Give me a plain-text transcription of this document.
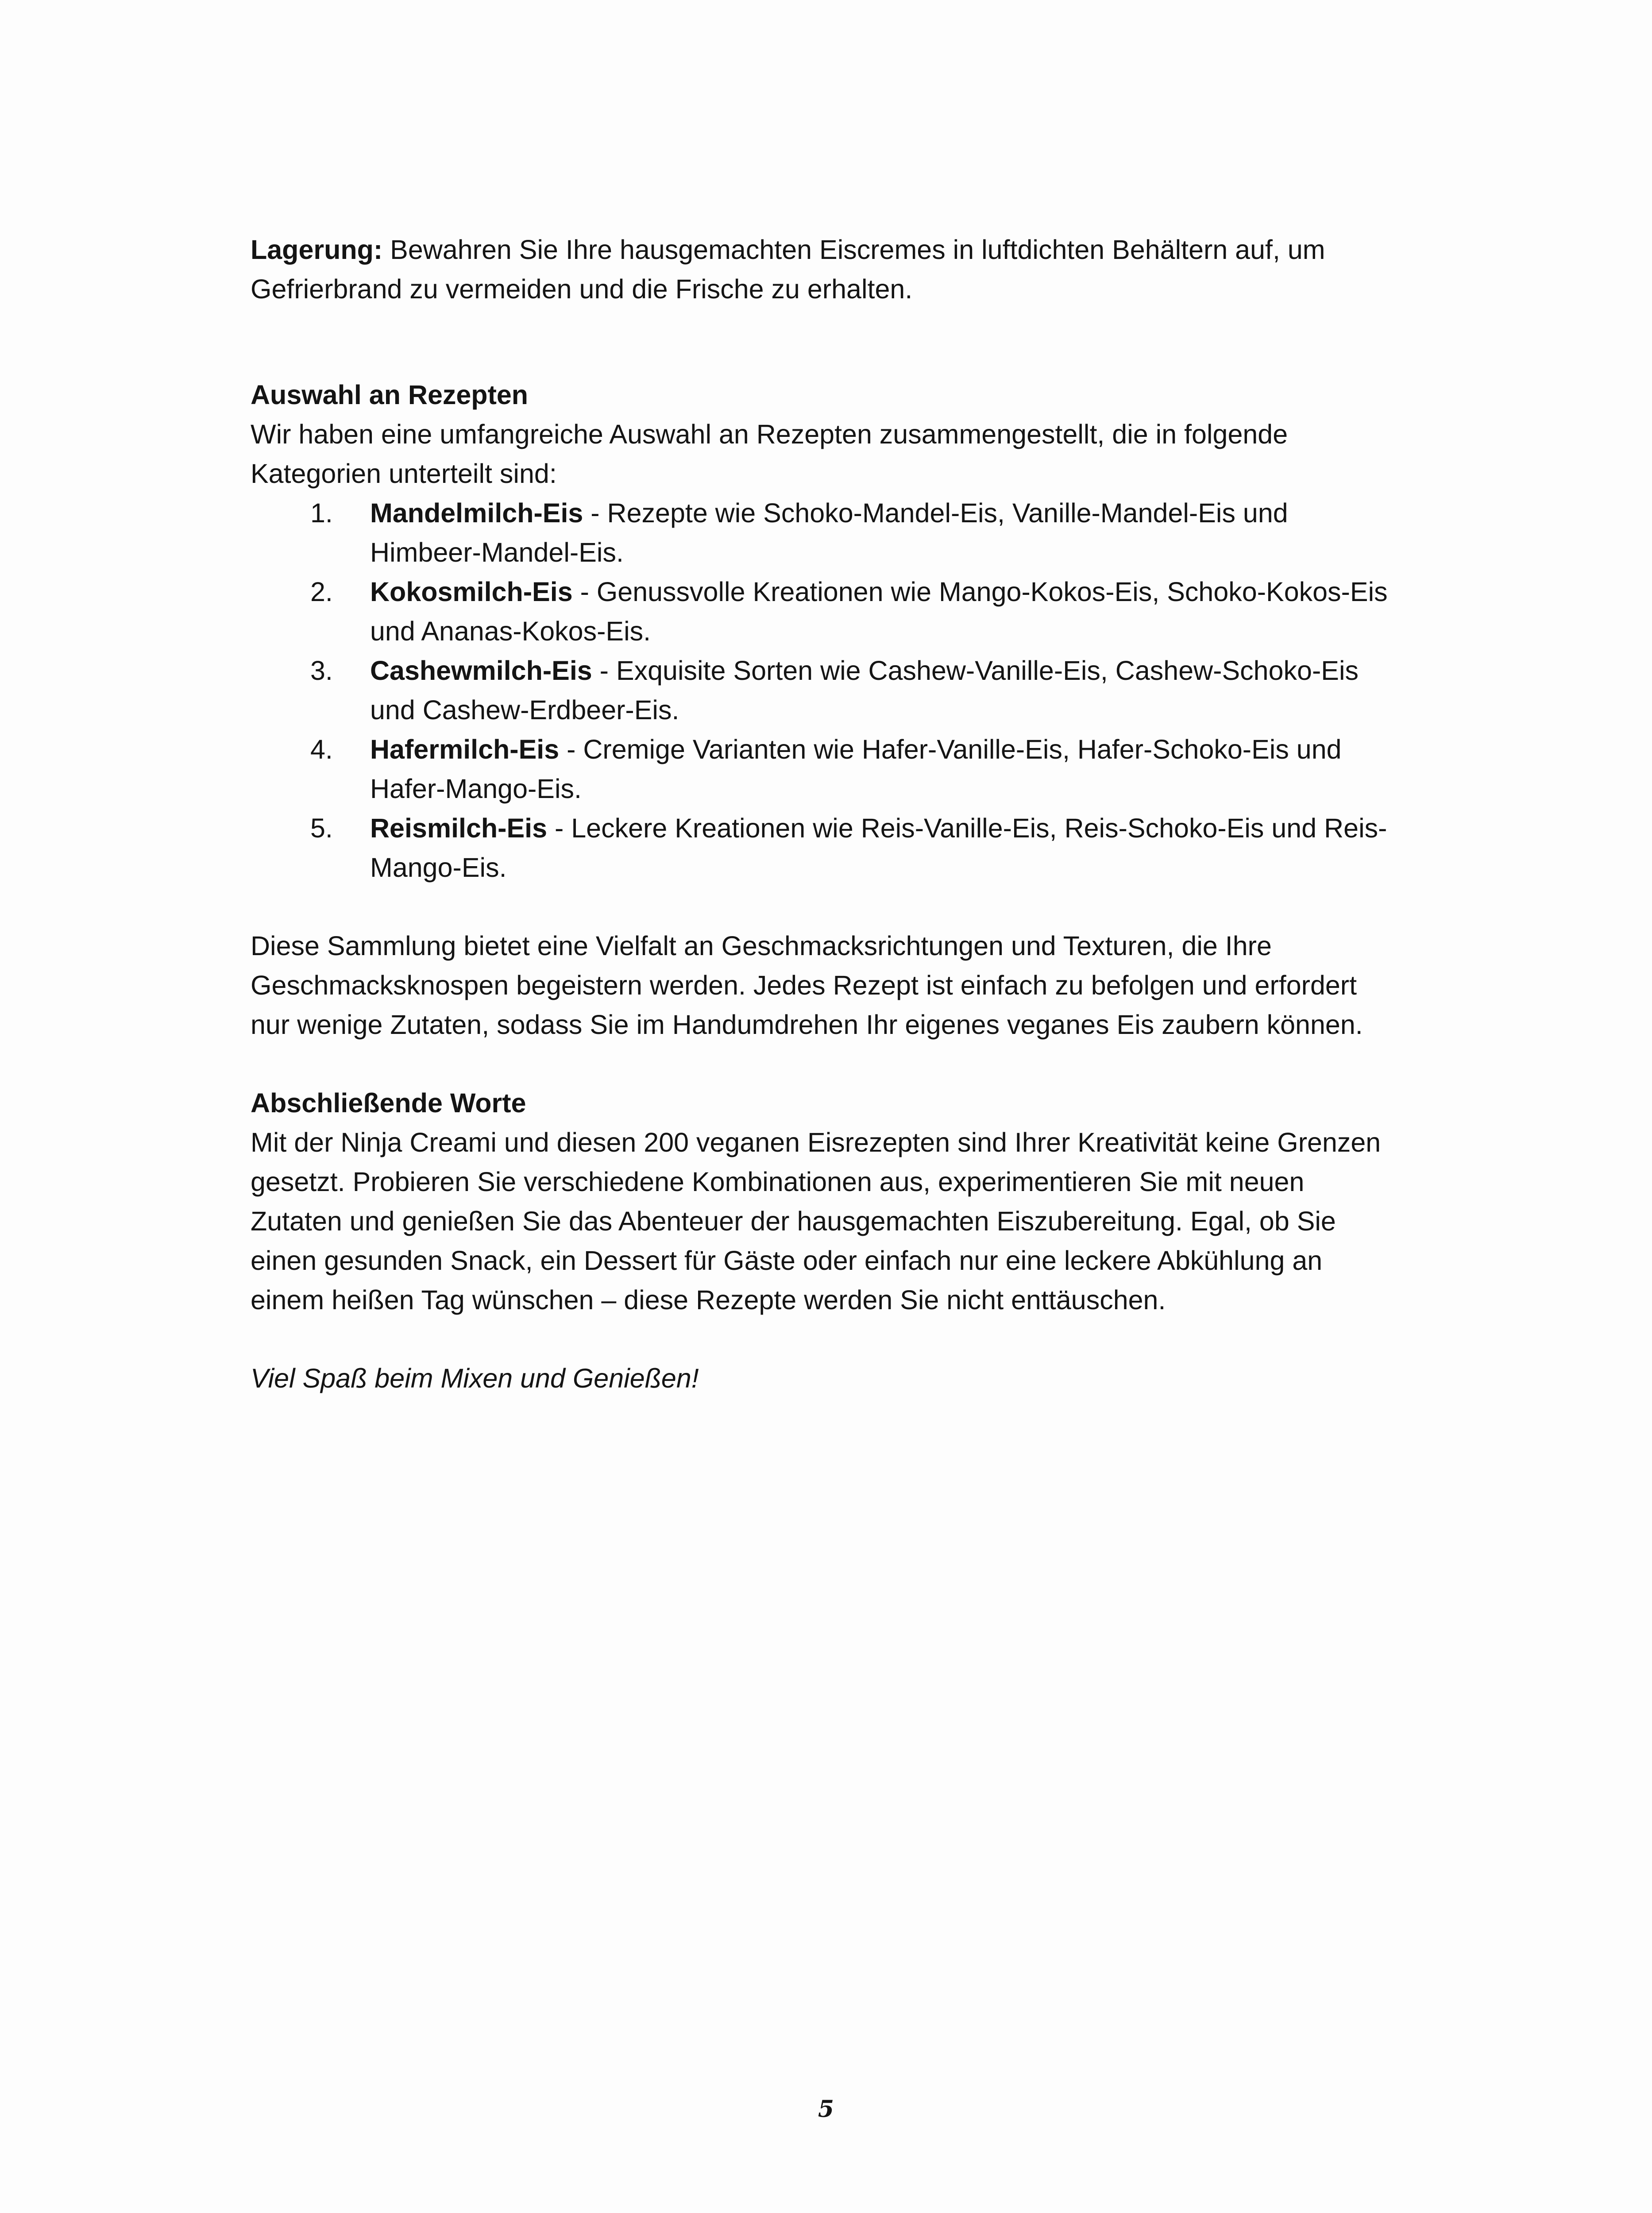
Lagerung: Bewahren Sie Ihre hausgemachten Eiscremes in luftdichten Behältern auf, um Gefrierbrand zu vermeiden und die Frische zu erhalten.

Auswahl an Rezepten

Wir haben eine umfangreiche Auswahl an Rezepten zusammengestellt, die in folgende Kategorien unterteilt sind:

1. Mandelmilch-Eis - Rezepte wie Schoko-Mandel-Eis, Vanille-Mandel-Eis und Himbeer-Mandel-Eis.
2. Kokosmilch-Eis - Genussvolle Kreationen wie Mango-Kokos-Eis, Schoko-Kokos-Eis und Ananas-Kokos-Eis.
3. Cashewmilch-Eis - Exquisite Sorten wie Cashew-Vanille-Eis, Cashew-Schoko-Eis und Cashew-Erdbeer-Eis.
4. Hafermilch-Eis - Cremige Varianten wie Hafer-Vanille-Eis, Hafer-Schoko-Eis und Hafer-Mango-Eis.
5. Reismilch-Eis - Leckere Kreationen wie Reis-Vanille-Eis, Reis-Schoko-Eis und Reis-Mango-Eis.

Diese Sammlung bietet eine Vielfalt an Geschmacksrichtungen und Texturen, die Ihre Geschmacksknospen begeistern werden. Jedes Rezept ist einfach zu befolgen und erfordert nur wenige Zutaten, sodass Sie im Handumdrehen Ihr eigenes veganes Eis zaubern können.

Abschließende Worte

Mit der Ninja Creami und diesen 200 veganen Eisrezepten sind Ihrer Kreativität keine Grenzen gesetzt. Probieren Sie verschiedene Kombinationen aus, experimentieren Sie mit neuen Zutaten und genießen Sie das Abenteuer der hausgemachten Eiszubereitung. Egal, ob Sie einen gesunden Snack, ein Dessert für Gäste oder einfach nur eine leckere Abkühlung an einem heißen Tag wünschen – diese Rezepte werden Sie nicht enttäuschen.

Viel Spaß beim Mixen und Genießen!

5
